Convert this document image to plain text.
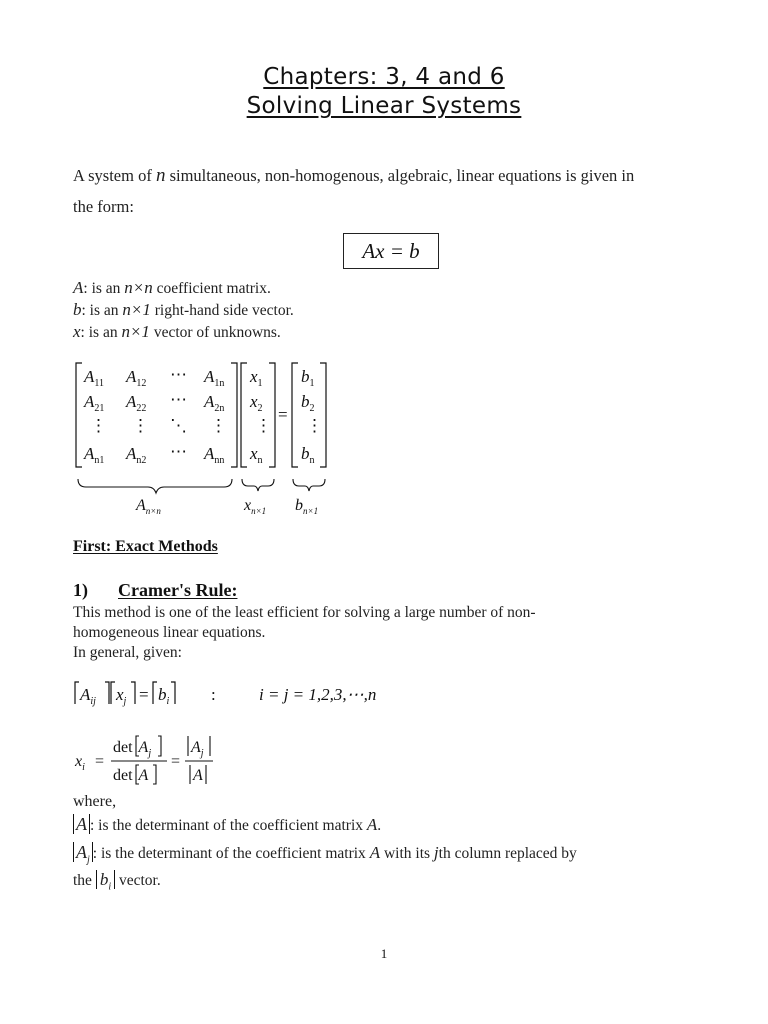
Chapters: 3, 4 and 6
Solving Linear Systems
A system of n simultaneous, non-homogenous, algebraic, linear equations is given in
the form:
Ax = b
A: is an n×n coefficient matrix.
b: is an n×1 right-hand side vector.
x: is an n×1 vector of unknowns.
$A_{11}$ $A_{12}$ ⋯ $A_{1n}$
$A_{21}$ $A_{22}$ ⋯ $A_{2n}$
⋮ ⋮ ⋱ ⋮
$A_{n1}$ $A_{n2}$ ⋯ $A_{nn}$
$x_1$
$x_2$
⋮
$x_n$
=
$b_1$
$b_2$
⋮
$b_n$
$A_{n\times n}$	$x_{n\times 1}$ $b_{n\times 1}$
First: Exact Methods
1) Cramer's Rule:
This method is one of the least efficient for solving a large number of non-
homogeneous linear equations.
In general, given:
$A_{ij}$ $x_j = b_i$ :	i = j = 1,2,3,⋯,n
$x_i$ =
$\det A_j$
det A
=
$A_j$
A
where,
A : is the determinant of the coefficient matrix A.
$A_j$ : is the determinant of the coefficient matrix A with its jth column replaced by
the $b_i$ vector.
1
